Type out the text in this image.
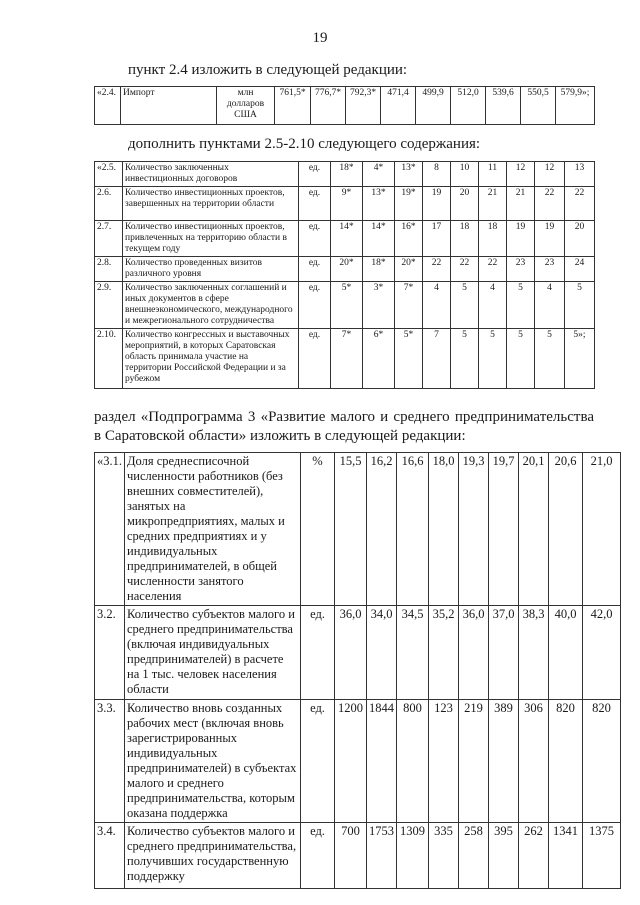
19
пункт 2.4 изложить в следующей редакции:
«2.4.	Импорт	млн долларов США	761,5*	776,7*	792,3*	471,4	499,9	512,0	539,6	550,5	579,9»;
дополнить пунктами 2.5-2.10 следующего содержания:
«2.5.	Количество заключенных инвестиционных договоров	ед.	18*	4*	13*	8	10	11	12	12	13
2.6.	Количество инвестиционных проектов, завершенных на территории области	ед.	9*	13*	19*	19	20	21	21	22	22
2.7.	Количество инвестиционных проектов, привлеченных на территорию области в текущем году	ед.	14*	14*	16*	17	18	18	19	19	20
2.8.	Количество проведенных визитов различного уровня	ед.	20*	18*	20*	22	22	22	23	23	24
2.9.	Количество заключенных соглашений и иных документов в сфере внешнеэкономического, международного и межрегионального сотрудничества	ед.	5*	3*	7*	4	5	4	5	4	5
2.10.	Количество конгрессных и выставочных мероприятий, в которых Саратовская область принимала участие на территории Российской Федерации и за рубежом	ед.	7*	6*	5*	7	5	5	5	5	5»;
раздел «Подпрограмма 3 «Развитие малого и среднего предпринимательства в Саратовской области» изложить в следующей редакции:
«3.1.	Доля среднесписочной численности работников (без внешних совместителей), занятых на микропредприятиях, малых и средних предприятиях и у индивидуальных предпринимателей, в общей численности занятого населения	%	15,5	16,2	16,6	18,0	19,3	19,7	20,1	20,6	21,0
3.2.	Количество субъектов малого и среднего предпринимательства (включая индивидуальных предпринимателей) в расчете на 1 тыс. человек населения области	ед.	36,0	34,0	34,5	35,2	36,0	37,0	38,3	40,0	42,0
3.3.	Количество вновь созданных рабочих мест (включая вновь зарегистрированных индивидуальных предпринимателей) в субъектах малого и среднего предпринимательства, которым оказана поддержка	ед.	1200	1844	800	123	219	389	306	820	820
3.4.	Количество субъектов малого и среднего предпринимательства, получивших государственную поддержку	ед.	700	1753	1309	335	258	395	262	1341	1375
